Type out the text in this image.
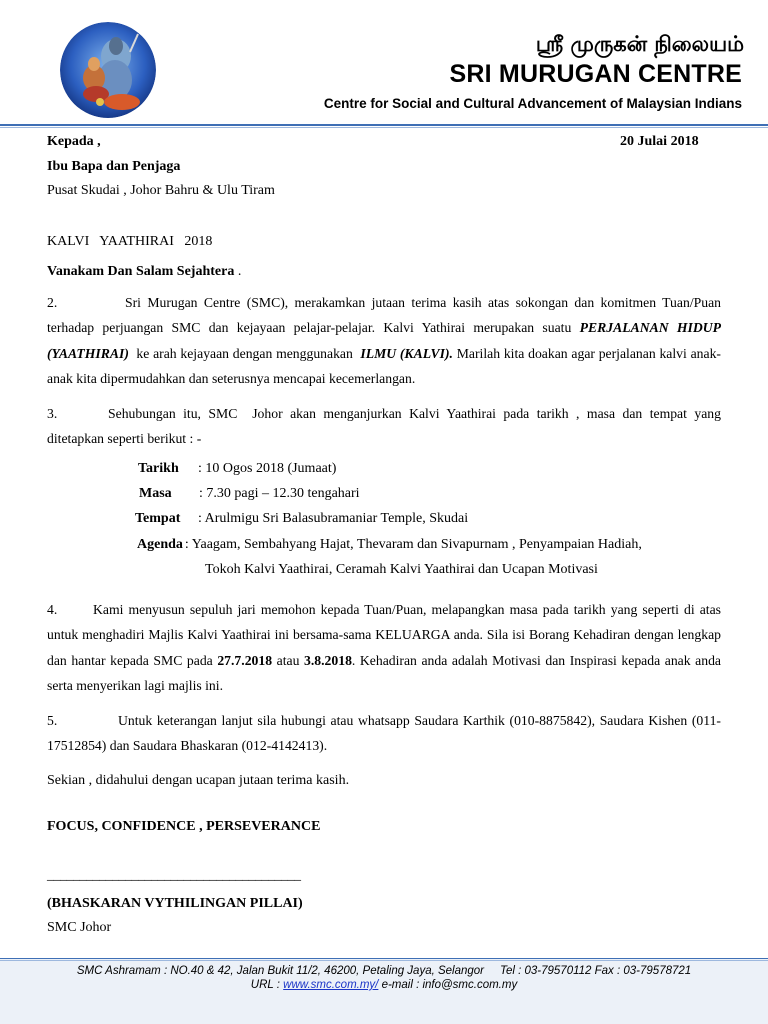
ஸ்ரீ முருகன் நிலையம்
SRI MURUGAN CENTRE
Centre for Social and Cultural Advancement of Malaysian Indians
Kepada ,	20 Julai 2018
Ibu Bapa dan Penjaga
Pusat Skudai , Johor Bahru & Ulu Tiram
KALVI   YAATHIRAI   2018
Vanakam Dan Salam Sejahtera .
2.	Sri Murugan Centre (SMC), merakamkan jutaan terima kasih atas sokongan dan komitmen Tuan/Puan terhadap perjuangan SMC dan kejayaan pelajar-pelajar. Kalvi Yathirai merupakan suatu PERJALANAN HIDUP (YAATHIRAI)  ke arah kejayaan dengan menggunakan  ILMU (KALVI). Marilah kita doakan agar perjalanan kalvi anak-anak kita dipermudahkan dan seterusnya mencapai kecemerlangan.
3.	Sehubungan itu, SMC  Johor akan menganjurkan Kalvi Yaathirai pada tarikh , masa dan tempat yang ditetapkan seperti berikut : -
Tarikh : 10 Ogos 2018 (Jumaat)
Masa : 7.30 pagi – 12.30 tengahari
Tempat : Arulmigu Sri Balasubramaniar Temple, Skudai
Agenda : Yaagam, Sembahyang Hajat, Thevaram dan Sivapurnam , Penyampaian Hadiah,
Tokoh Kalvi Yaathirai, Ceramah Kalvi Yaathirai dan Ucapan Motivasi
4.	Kami menyusun sepuluh jari memohon kepada Tuan/Puan, melapangkan masa pada tarikh yang seperti di atas untuk menghadiri Majlis Kalvi Yaathirai ini bersama-sama KELUARGA anda. Sila isi Borang Kehadiran dengan lengkap dan hantar kepada SMC pada 27.7.2018 atau 3.8.2018. Kehadiran anda adalah Motivasi dan Inspirasi kepada anak anda serta menyerikan lagi majlis ini.
5.	Untuk keterangan lanjut sila hubungi atau whatsapp Saudara Karthik (010-8875842), Saudara Kishen (011-17512854) dan Saudara Bhaskaran (012-4142413).
Sekian , didahului dengan ucapan jutaan terima kasih.
FOCUS, CONFIDENCE , PERSEVERANCE
_______________________________________
(BHASKARAN VYTHILINGAN PILLAI)
SMC Johor
SMC Ashramam : NO.40 & 42, Jalan Bukit 11/2, 46200, Petaling Jaya, Selangor     Tel : 03-79570112 Fax : 03-79578721
URL : www.smc.com.my/ e-mail : info@smc.com.my
